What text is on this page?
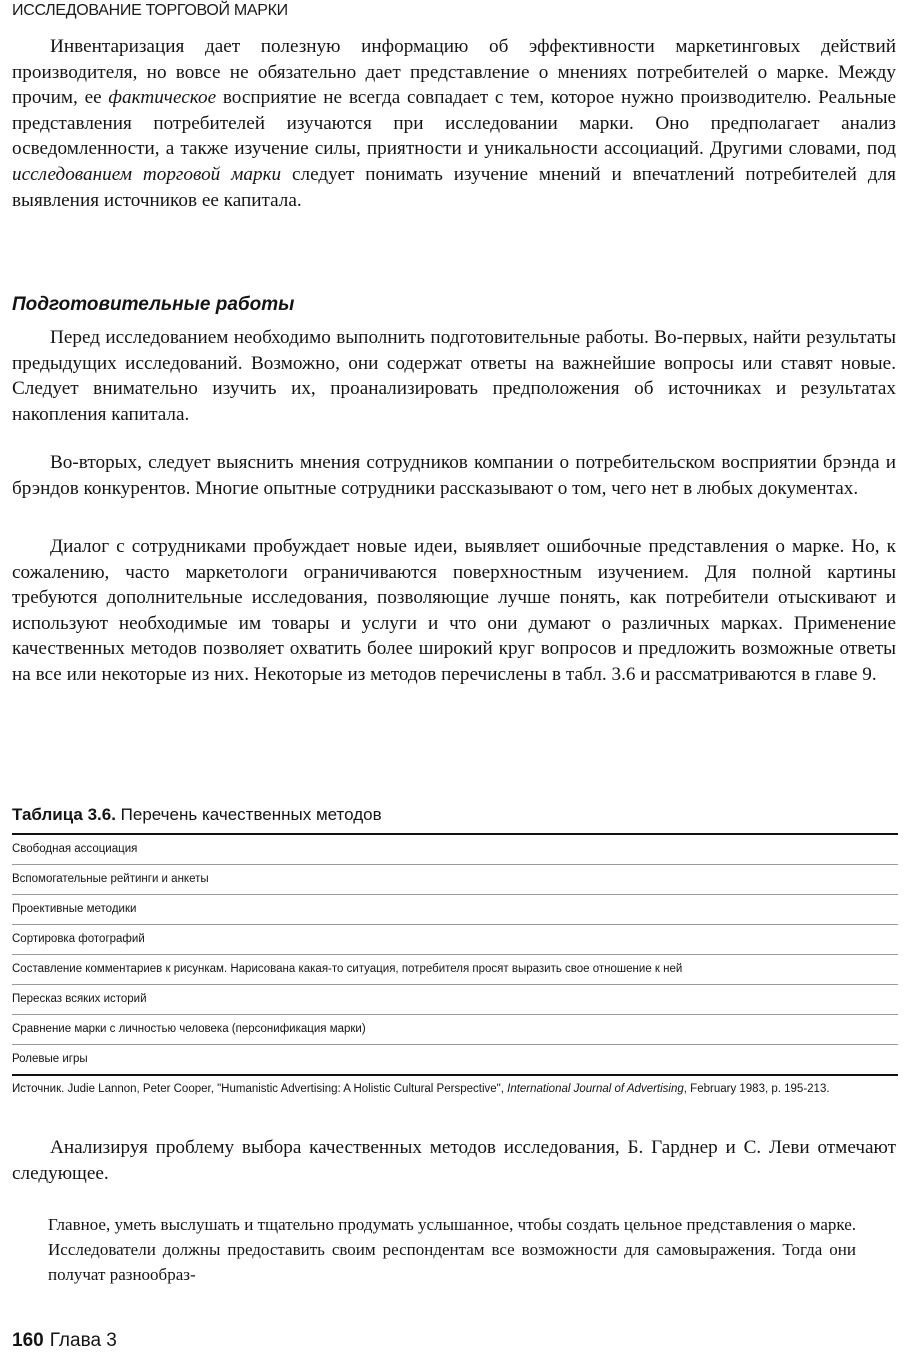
ИССЛЕДОВАНИЕ ТОРГОВОЙ МАРКИ

Инвентаризация дает полезную информацию об эффективности маркетинговых действий производителя, но вовсе не обязательно дает представление о мнениях потребителей о марке. Между прочим, ее фактическое восприятие не всегда совпадает с тем, которое нужно производителю. Реальные представления потребителей изучаются при исследовании марки. Оно предполагает анализ осведомленности, а также изучение силы, приятности и уникальности ассоциаций. Другими словами, под исследованием торговой марки следует понимать изучение мнений и впечатлений потребителей для выявления источников ее капитала.

Подготовительные работы

Перед исследованием необходимо выполнить подготовительные работы. Во-первых, найти результаты предыдущих исследований. Возможно, они содержат ответы на важнейшие вопросы или ставят новые. Следует внимательно изучить их, проанализировать предположения об источниках и результатах накопления капитала.

Во-вторых, следует выяснить мнения сотрудников компании о потребительском восприятии брэнда и брэндов конкурентов. Многие опытные сотрудники рассказывают о том, чего нет в любых документах.

Диалог с сотрудниками пробуждает новые идеи, выявляет ошибочные представления о марке. Но, к сожалению, часто маркетологи ограничиваются поверхностным изучением. Для полной картины требуются дополнительные исследования, позволяющие лучше понять, как потребители отыскивают и используют необходимые им товары и услуги и что они думают о различных марках. Применение качественных методов позволяет охватить более широкий круг вопросов и предложить возможные ответы на все или некоторые из них. Некоторые из методов перечислены в табл. 3.6 и рассматриваются в главе 9.

Таблица 3.6. Перечень качественных методов

Свободная ассоциация
Вспомогательные рейтинги и анкеты
Проективные методики
Сортировка фотографий
Составление комментариев к рисункам. Нарисована какая-то ситуация, потребителя просят выразить свое отношение к ней
Пересказ всяких историй
Сравнение марки с личностью человека (персонификация марки)
Ролевые игры

Источник. Judie Lannon, Peter Cooper, "Humanistic Advertising: A Holistic Cultural Perspective", International Journal of Advertising, February 1983, p. 195-213.

Анализируя проблему выбора качественных методов исследования, Б. Гарднер и С. Леви отмечают следующее.

Главное, уметь выслушать и тщательно продумать услышанное, чтобы создать цельное представления о марке. Исследователи должны предоставить своим респондентам все возможности для самовыражения. Тогда они получат разнообраз-

160 Глава 3
